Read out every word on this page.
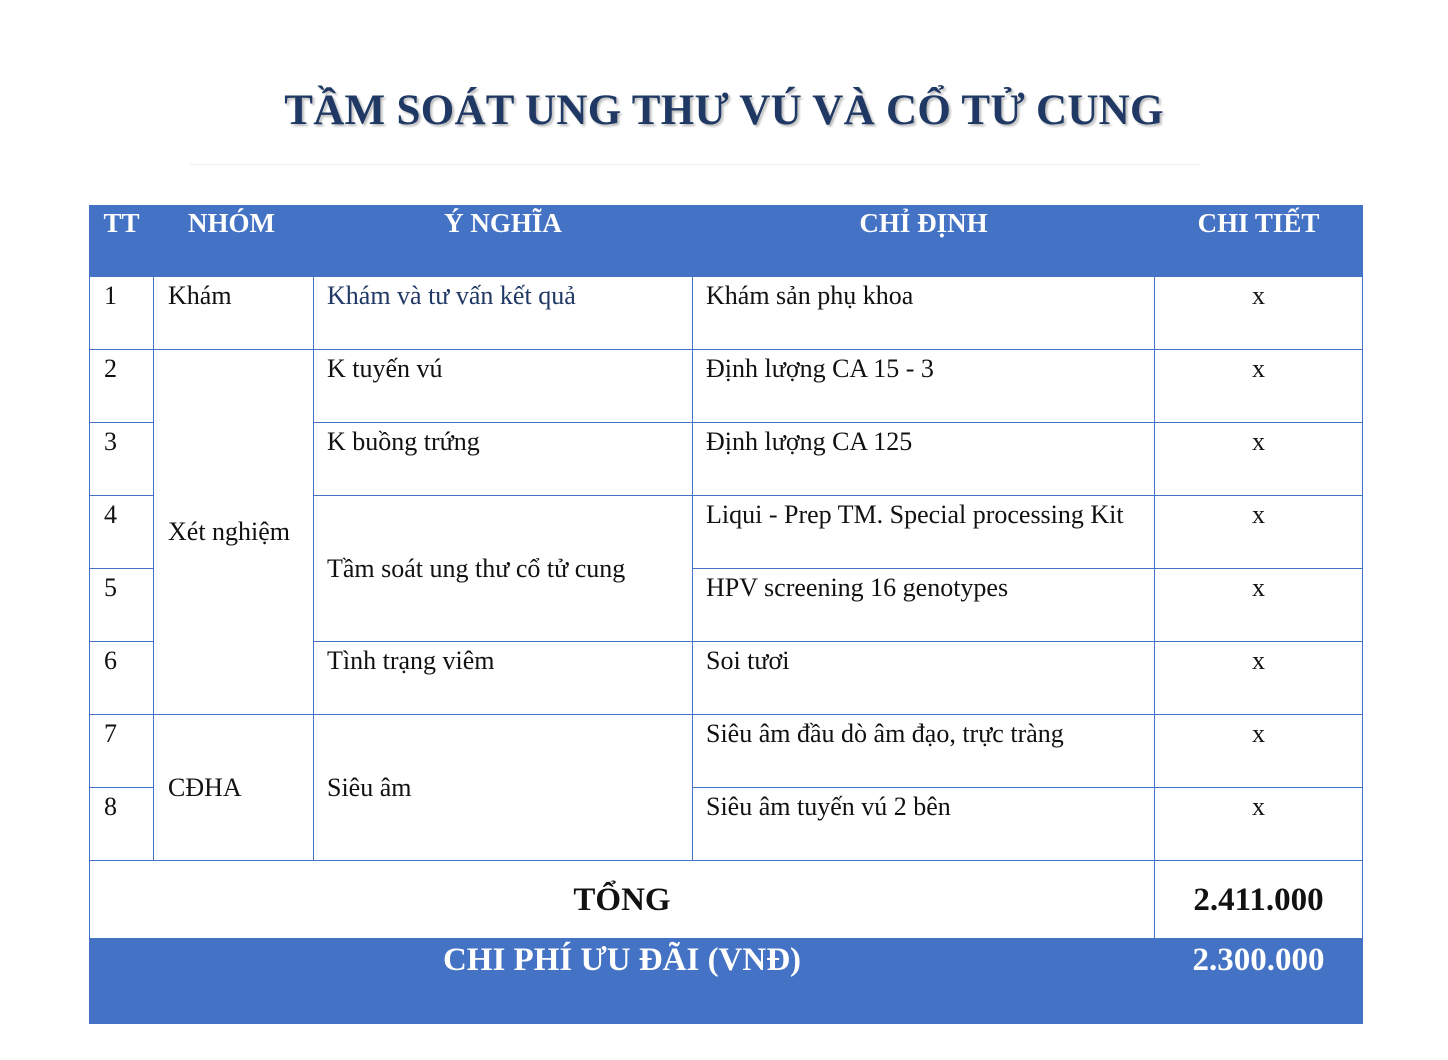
TẦM SOÁT UNG THƯ VÚ VÀ CỔ TỬ CUNG
TT	NHÓM	Ý NGHĨA	CHỈ ĐỊNH	CHI TIẾT
1	Khám	Khám và tư vấn kết quả	Khám sản phụ khoa	x
2	Xét nghiệm	K tuyến vú	Định lượng CA 15 - 3	x
3		K buồng trứng	Định lượng CA 125	x
4		Tầm soát ung thư cổ tử cung	Liqui - Prep TM. Special processing Kit	x
5			HPV screening 16 genotypes	x
6		Tình trạng viêm	Soi tươi	x
7	CĐHA	Siêu âm	Siêu âm đầu dò âm đạo, trực tràng	x
8			Siêu âm tuyến vú 2 bên	x
TỔNG				2.411.000
CHI PHÍ ƯU ĐÃI (VNĐ)				2.300.000
